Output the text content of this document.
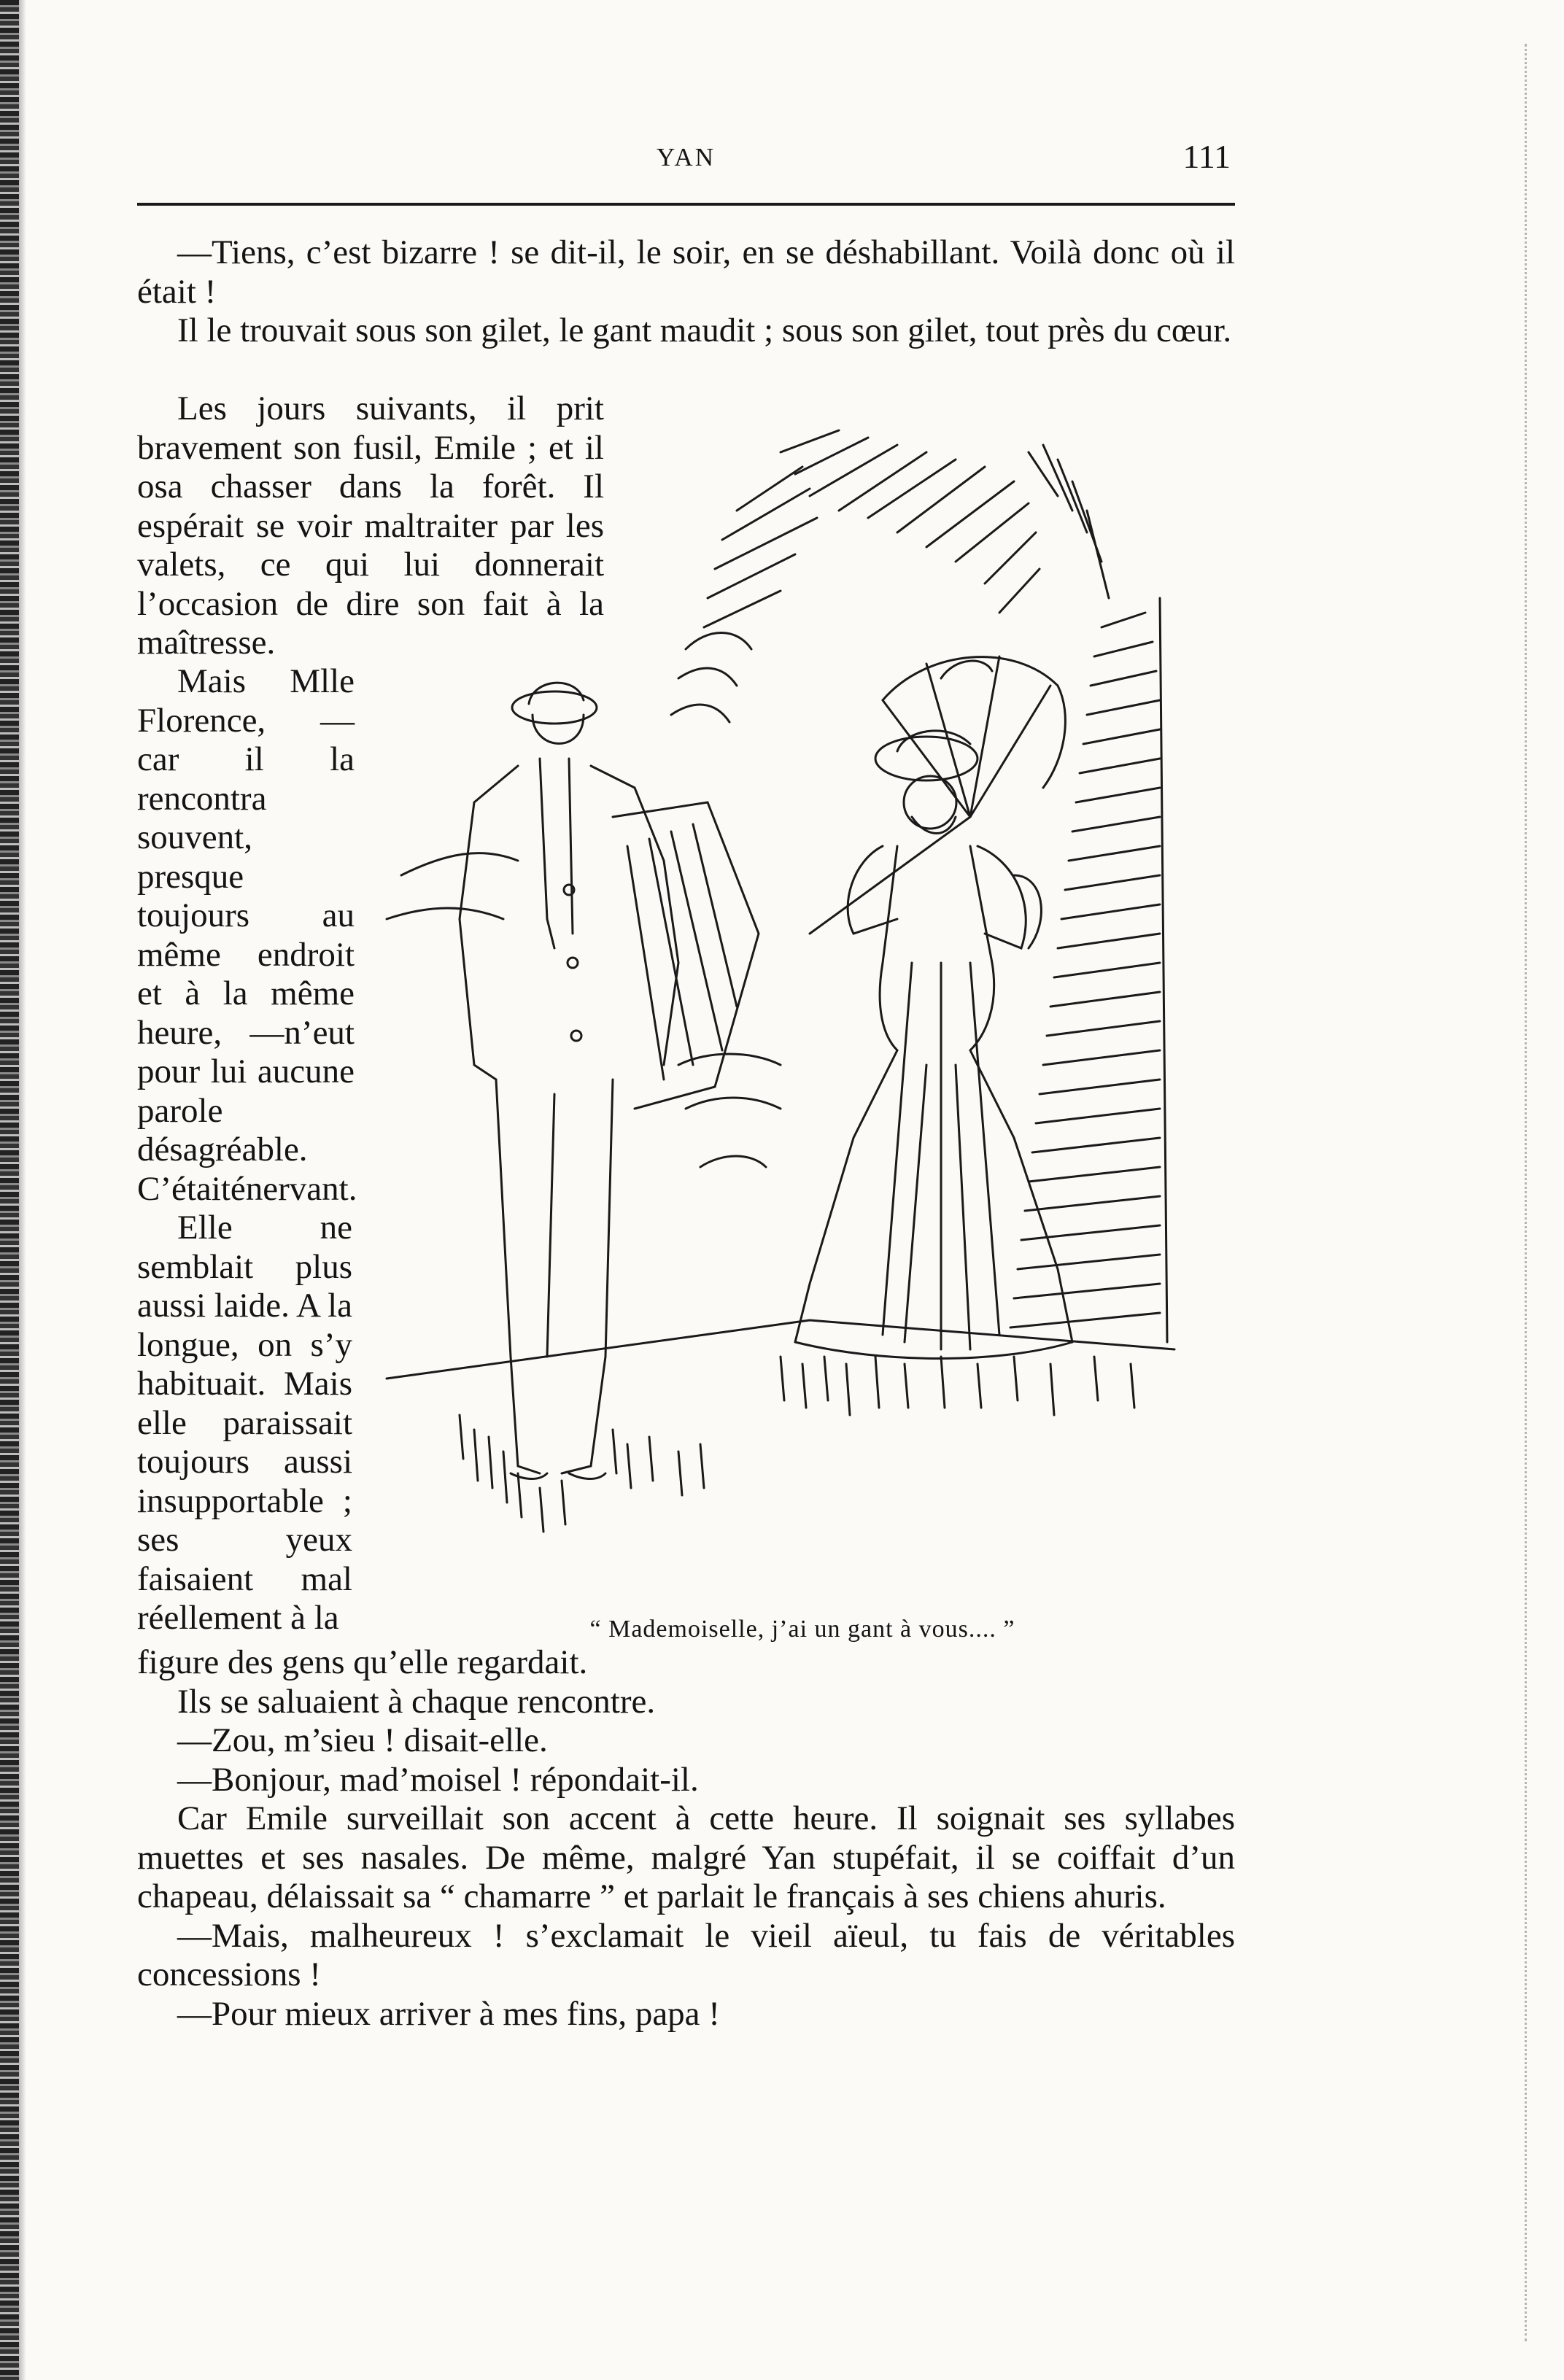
YAN	111

—Tiens, c’est bizarre ! se dit-il, le soir, en se déshabillant. Voilà donc où il était !

Il le trouvait sous son gilet, le gant maudit ; sous son gilet, tout près du cœur.

Les jours suivants, il prit bravement son fusil, Emile ; et il osa chasser dans la forêt. Il espérait se voir maltraiter par les valets, ce qui lui donnerait l’occasion de dire son fait à la maîtresse.

Mais Mlle Florence, — car il la rencontra souvent, presque toujours au même endroit et à la même heure, —n’eut pour lui aucune parole désagréable. C’étaiténervant.

Elle ne semblait plus aussi laide. A la longue, on s’y habituait. Mais elle paraissait toujours aussi insupportable ; ses yeux faisaient mal réellement à la	“ Mademoiselle, j’ai un gant à vous.... ”

figure des gens qu’elle regardait.

Ils se saluaient à chaque rencontre.

—Zou, m’sieu ! disait-elle.

—Bonjour, mad’moisel ! répondait-il.

Car Emile surveillait son accent à cette heure. Il soignait ses syllabes muettes et ses nasales. De même, malgré Yan stupéfait, il se coiffait d’un chapeau, délaissait sa “ chamarre ” et parlait le français à ses chiens ahuris.

—Mais, malheureux ! s’exclamait le vieil aïeul, tu fais de véritables concessions !

—Pour mieux arriver à mes fins, papa !
